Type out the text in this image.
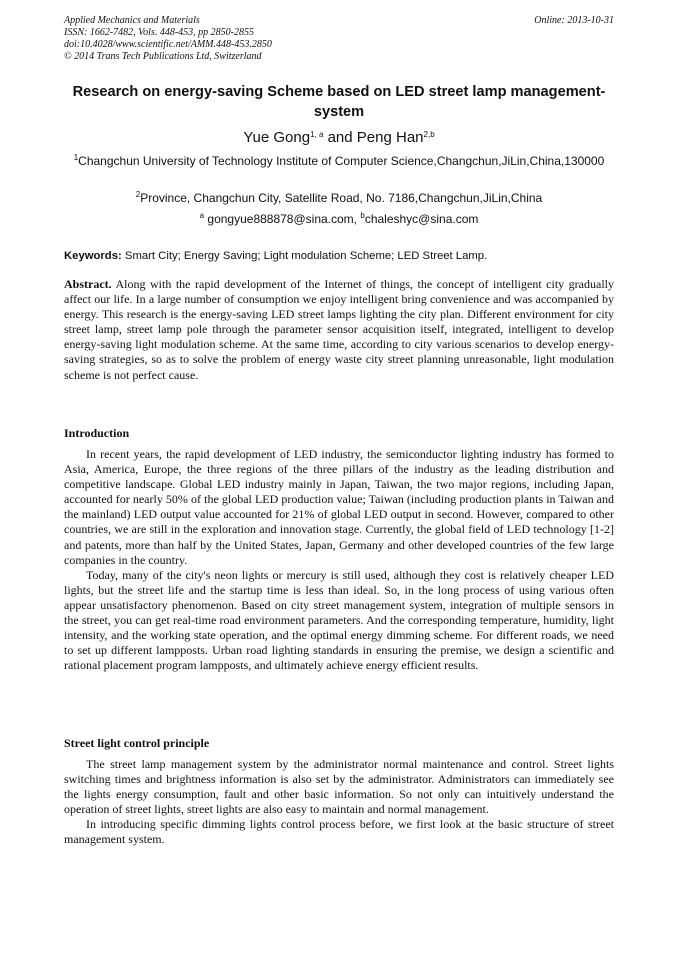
Applied Mechanics and Materials
ISSN: 1662-7482, Vols. 448-453, pp 2850-2855
doi:10.4028/www.scientific.net/AMM.448-453.2850
© 2014 Trans Tech Publications Ltd, Switzerland
Online: 2013-10-31
Research on energy-saving Scheme based on LED street lamp management-system
Yue Gong$^{1, a}$ and Peng Han$^{2,b}$
$^1$Changchun University of Technology Institute of Computer Science,Changchun,JiLin,China,130000
$^2$Province, Changchun City, Satellite Road, No. 7186,Changchun,JiLin,China
$^a$ gongyue888878@sina.com, $^b$chaleshyc@sina.com
Keywords: Smart City; Energy Saving; Light modulation Scheme; LED Street Lamp.

Abstract. Along with the rapid development of the Internet of things, the concept of intelligent city gradually affect our life. In a large number of consumption we enjoy intelligent bring convenience and was accompanied by energy. This research is the energy-saving LED street lamps lighting the city plan. Different environment for city street lamp, street lamp pole through the parameter sensor acquisition itself, integrated, intelligent to develop energy-saving light modulation scheme. At the same time, according to city various scenarios to develop energy-saving strategies, so as to solve the problem of energy waste city street planning unreasonable, light modulation scheme is not perfect cause.

Introduction

In recent years, the rapid development of LED industry, the semiconductor lighting industry has formed to Asia, America, Europe, the three regions of the three pillars of the industry as the leading distribution and competitive landscape. Global LED industry mainly in Japan, Taiwan, the two major regions, including Japan, accounted for nearly 50% of the global LED production value; Taiwan (including production plants in Taiwan and the mainland) LED output value accounted for 21% of global LED output in second. However, compared to other countries, we are still in the exploration and innovation stage. Currently, the global field of LED technology [1-2] and patents, more than half by the United States, Japan, Germany and other developed countries of the few large companies in the country.

Today, many of the city's neon lights or mercury is still used, although they cost is relatively cheaper LED lights, but the street life and the startup time is less than ideal. So, in the long process of using various often appear unsatisfactory phenomenon. Based on city street management system, integration of multiple sensors in the street, you can get real-time road environment parameters. And the corresponding temperature, humidity, light intensity, and the working state operation, and the optimal energy dimming scheme. For different roads, we need to set up different lampposts. Urban road lighting standards in ensuring the premise, we design a scientific and rational placement program lampposts, and ultimately achieve energy efficient results.

Street light control principle

The street lamp management system by the administrator normal maintenance and control. Street lights switching times and brightness information is also set by the administrator. Administrators can immediately see the lights energy consumption, fault and other basic information. So not only can intuitively understand the operation of street lights, street lights are also easy to maintain and normal management.

In introducing specific dimming lights control process before, we first look at the basic structure of street management system.
